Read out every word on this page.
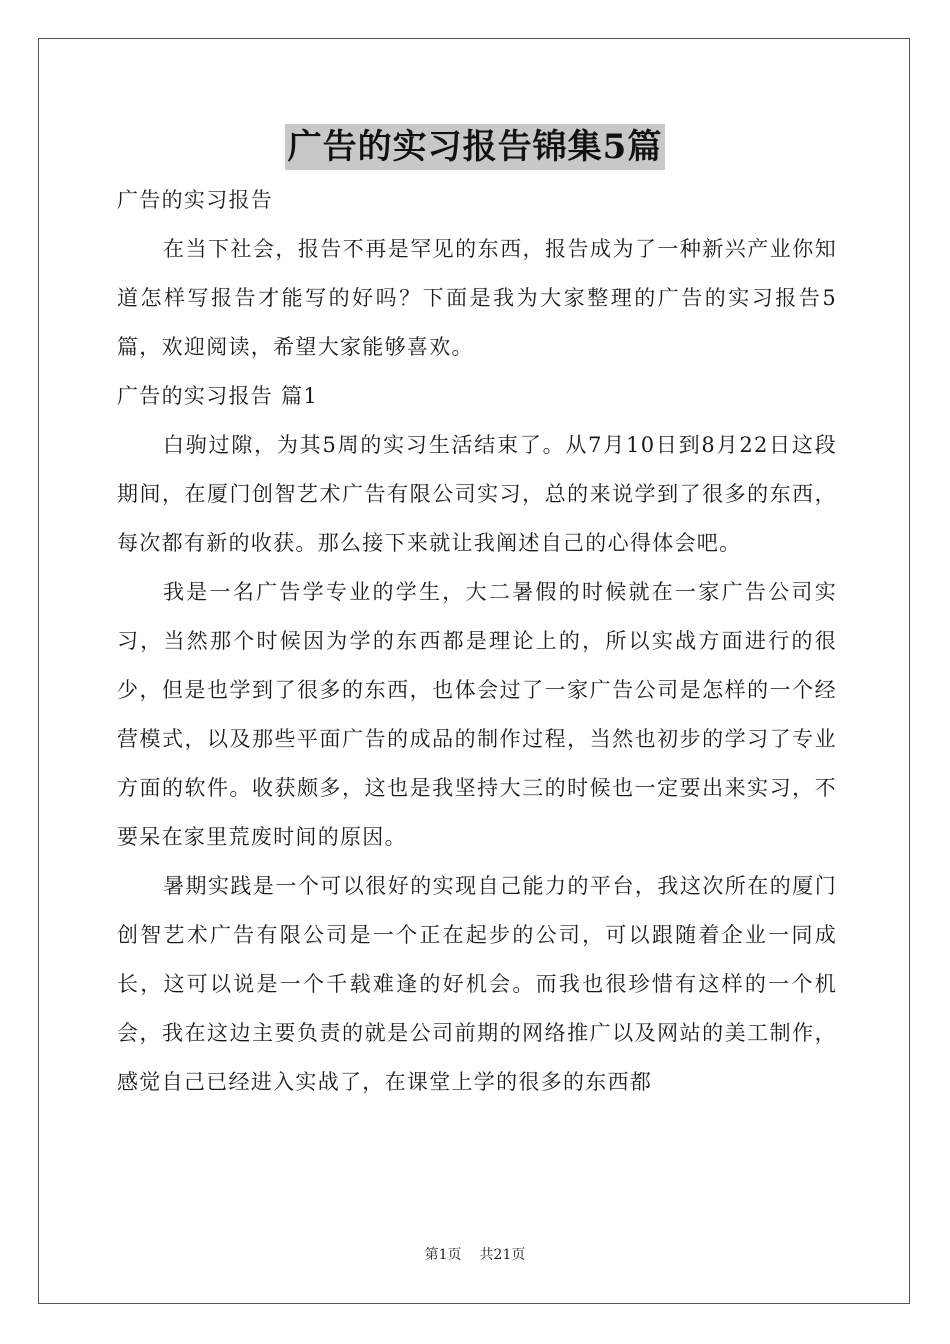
广告的实习报告锦集5篇

广告的实习报告

在当下社会，报告不再是罕见的东西，报告成为了一种新兴产业你知道怎样写报告才能写的好吗？下面是我为大家整理的广告的实习报告5篇，欢迎阅读，希望大家能够喜欢。

广告的实习报告 篇1

白驹过隙，为其5周的实习生活结束了。从7月10日到8月22日这段期间，在厦门创智艺术广告有限公司实习，总的来说学到了很多的东西，每次都有新的收获。那么接下来就让我阐述自己的心得体会吧。

我是一名广告学专业的学生，大二暑假的时候就在一家广告公司实习，当然那个时候因为学的东西都是理论上的，所以实战方面进行的很少，但是也学到了很多的东西，也体会过了一家广告公司是怎样的一个经营模式，以及那些平面广告的成品的制作过程，当然也初步的学习了专业方面的软件。收获颇多，这也是我坚持大三的时候也一定要出来实习，不要呆在家里荒废时间的原因。

暑期实践是一个可以很好的实现自己能力的平台，我这次所在的厦门创智艺术广告有限公司是一个正在起步的公司，可以跟随着企业一同成长，这可以说是一个千载难逢的好机会。而我也很珍惜有这样的一个机会，我在这边主要负责的就是公司前期的网络推广以及网站的美工制作，感觉自己已经进入实战了，在课堂上学的很多的东西都

第1页 共21页
